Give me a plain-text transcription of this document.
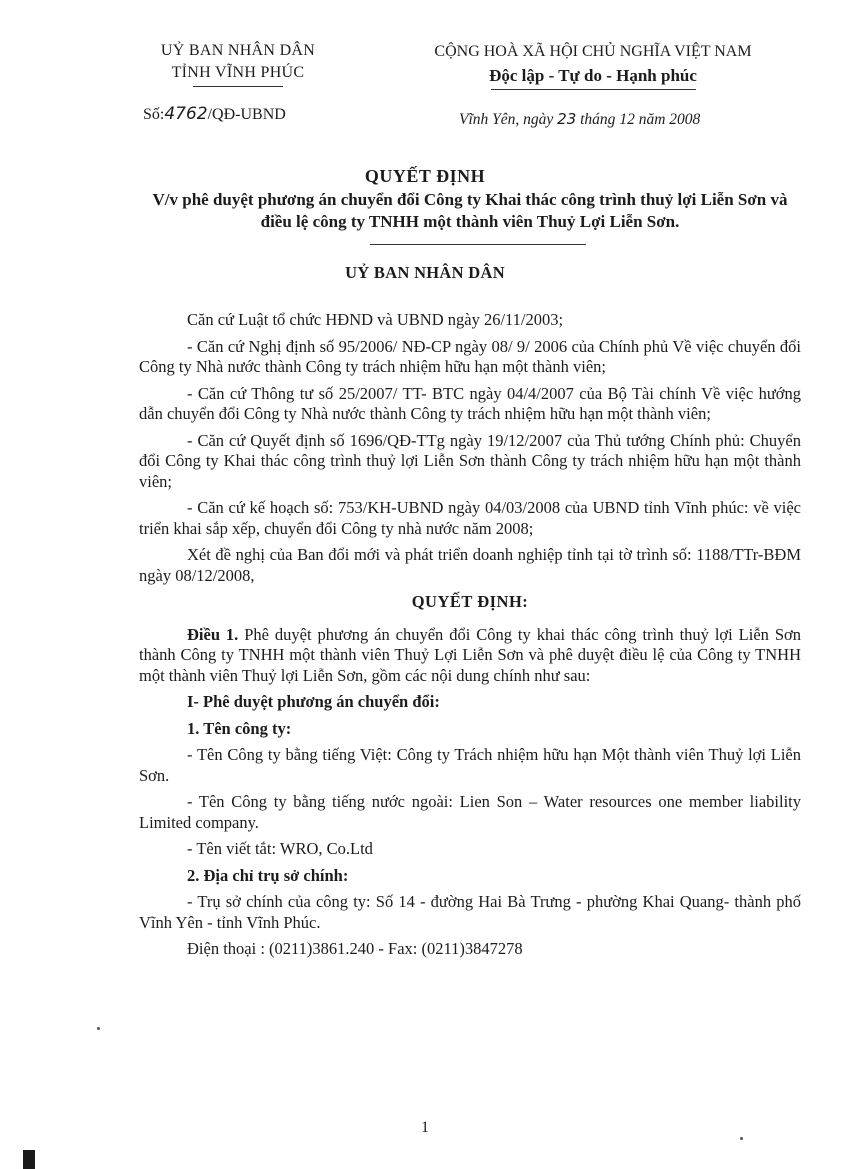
UỶ BAN NHÂN DÂN
TỈNH VĨNH PHÚC
CỘNG HOÀ XÃ HỘI CHỦ NGHĨA VIỆT NAM
Độc lập - Tự do - Hạnh phúc
Số:4762/QĐ-UBND	Vĩnh Yên, ngày 23 tháng 12 năm 2008
QUYẾT ĐỊNH
V/v phê duyệt phương án chuyển đổi Công ty Khai thác công trình thuỷ lợi Liễn Sơn và điều lệ công ty TNHH một thành viên Thuỷ Lợi Liễn Sơn.
UỶ BAN NHÂN DÂN

Căn cứ Luật tổ chức HĐND và UBND ngày 26/11/2003;

- Căn cứ Nghị định số 95/2006/ NĐ-CP ngày 08/ 9/ 2006 của Chính phủ Về việc chuyển đổi Công ty Nhà nước thành Công ty trách nhiệm hữu hạn một thành viên;

- Căn cứ Thông tư số 25/2007/ TT- BTC ngày 04/4/2007 của Bộ Tài chính Về việc hướng dẫn chuyển đổi Công ty Nhà nước thành Công ty trách nhiệm hữu hạn một thành viên;

- Căn cứ Quyết định số 1696/QĐ-TTg ngày 19/12/2007 của Thủ tướng Chính phủ: Chuyển đổi Công ty Khai thác công trình thuỷ lợi Liễn Sơn thành Công ty trách nhiệm hữu hạn một thành viên;

- Căn cứ kế hoạch số: 753/KH-UBND ngày 04/03/2008 của UBND tỉnh Vĩnh phúc: về việc triển khai sắp xếp, chuyển đổi Công ty nhà nước năm 2008;

Xét đề nghị của Ban đổi mới và phát triển doanh nghiệp tỉnh tại tờ trình số: 1188/TTr-BĐM ngày 08/12/2008,

QUYẾT ĐỊNH:

Điều 1. Phê duyệt phương án chuyển đổi Công ty khai thác công trình thuỷ lợi Liễn Sơn thành Công ty TNHH một thành viên Thuỷ Lợi Liễn Sơn và phê duyệt điều lệ của Công ty TNHH một thành viên Thuỷ lợi Liễn Sơn, gồm các nội dung chính như sau:

I- Phê duyệt phương án chuyển đổi:

1. Tên công ty:

- Tên Công ty bằng tiếng Việt: Công ty Trách nhiệm hữu hạn Một thành viên Thuỷ lợi Liễn Sơn.

- Tên Công ty bằng tiếng nước ngoài: Lien Son – Water resources one member liability Limited company.

- Tên viết tắt: WRO, Co.Ltd

2. Địa chỉ trụ sở chính:

- Trụ sở chính của công ty: Số 14 - đường Hai Bà Trưng - phường Khai Quang- thành phố Vĩnh Yên - tỉnh Vĩnh Phúc.

Điện thoại : (0211)3861.240 - Fax: (0211)3847278

1
